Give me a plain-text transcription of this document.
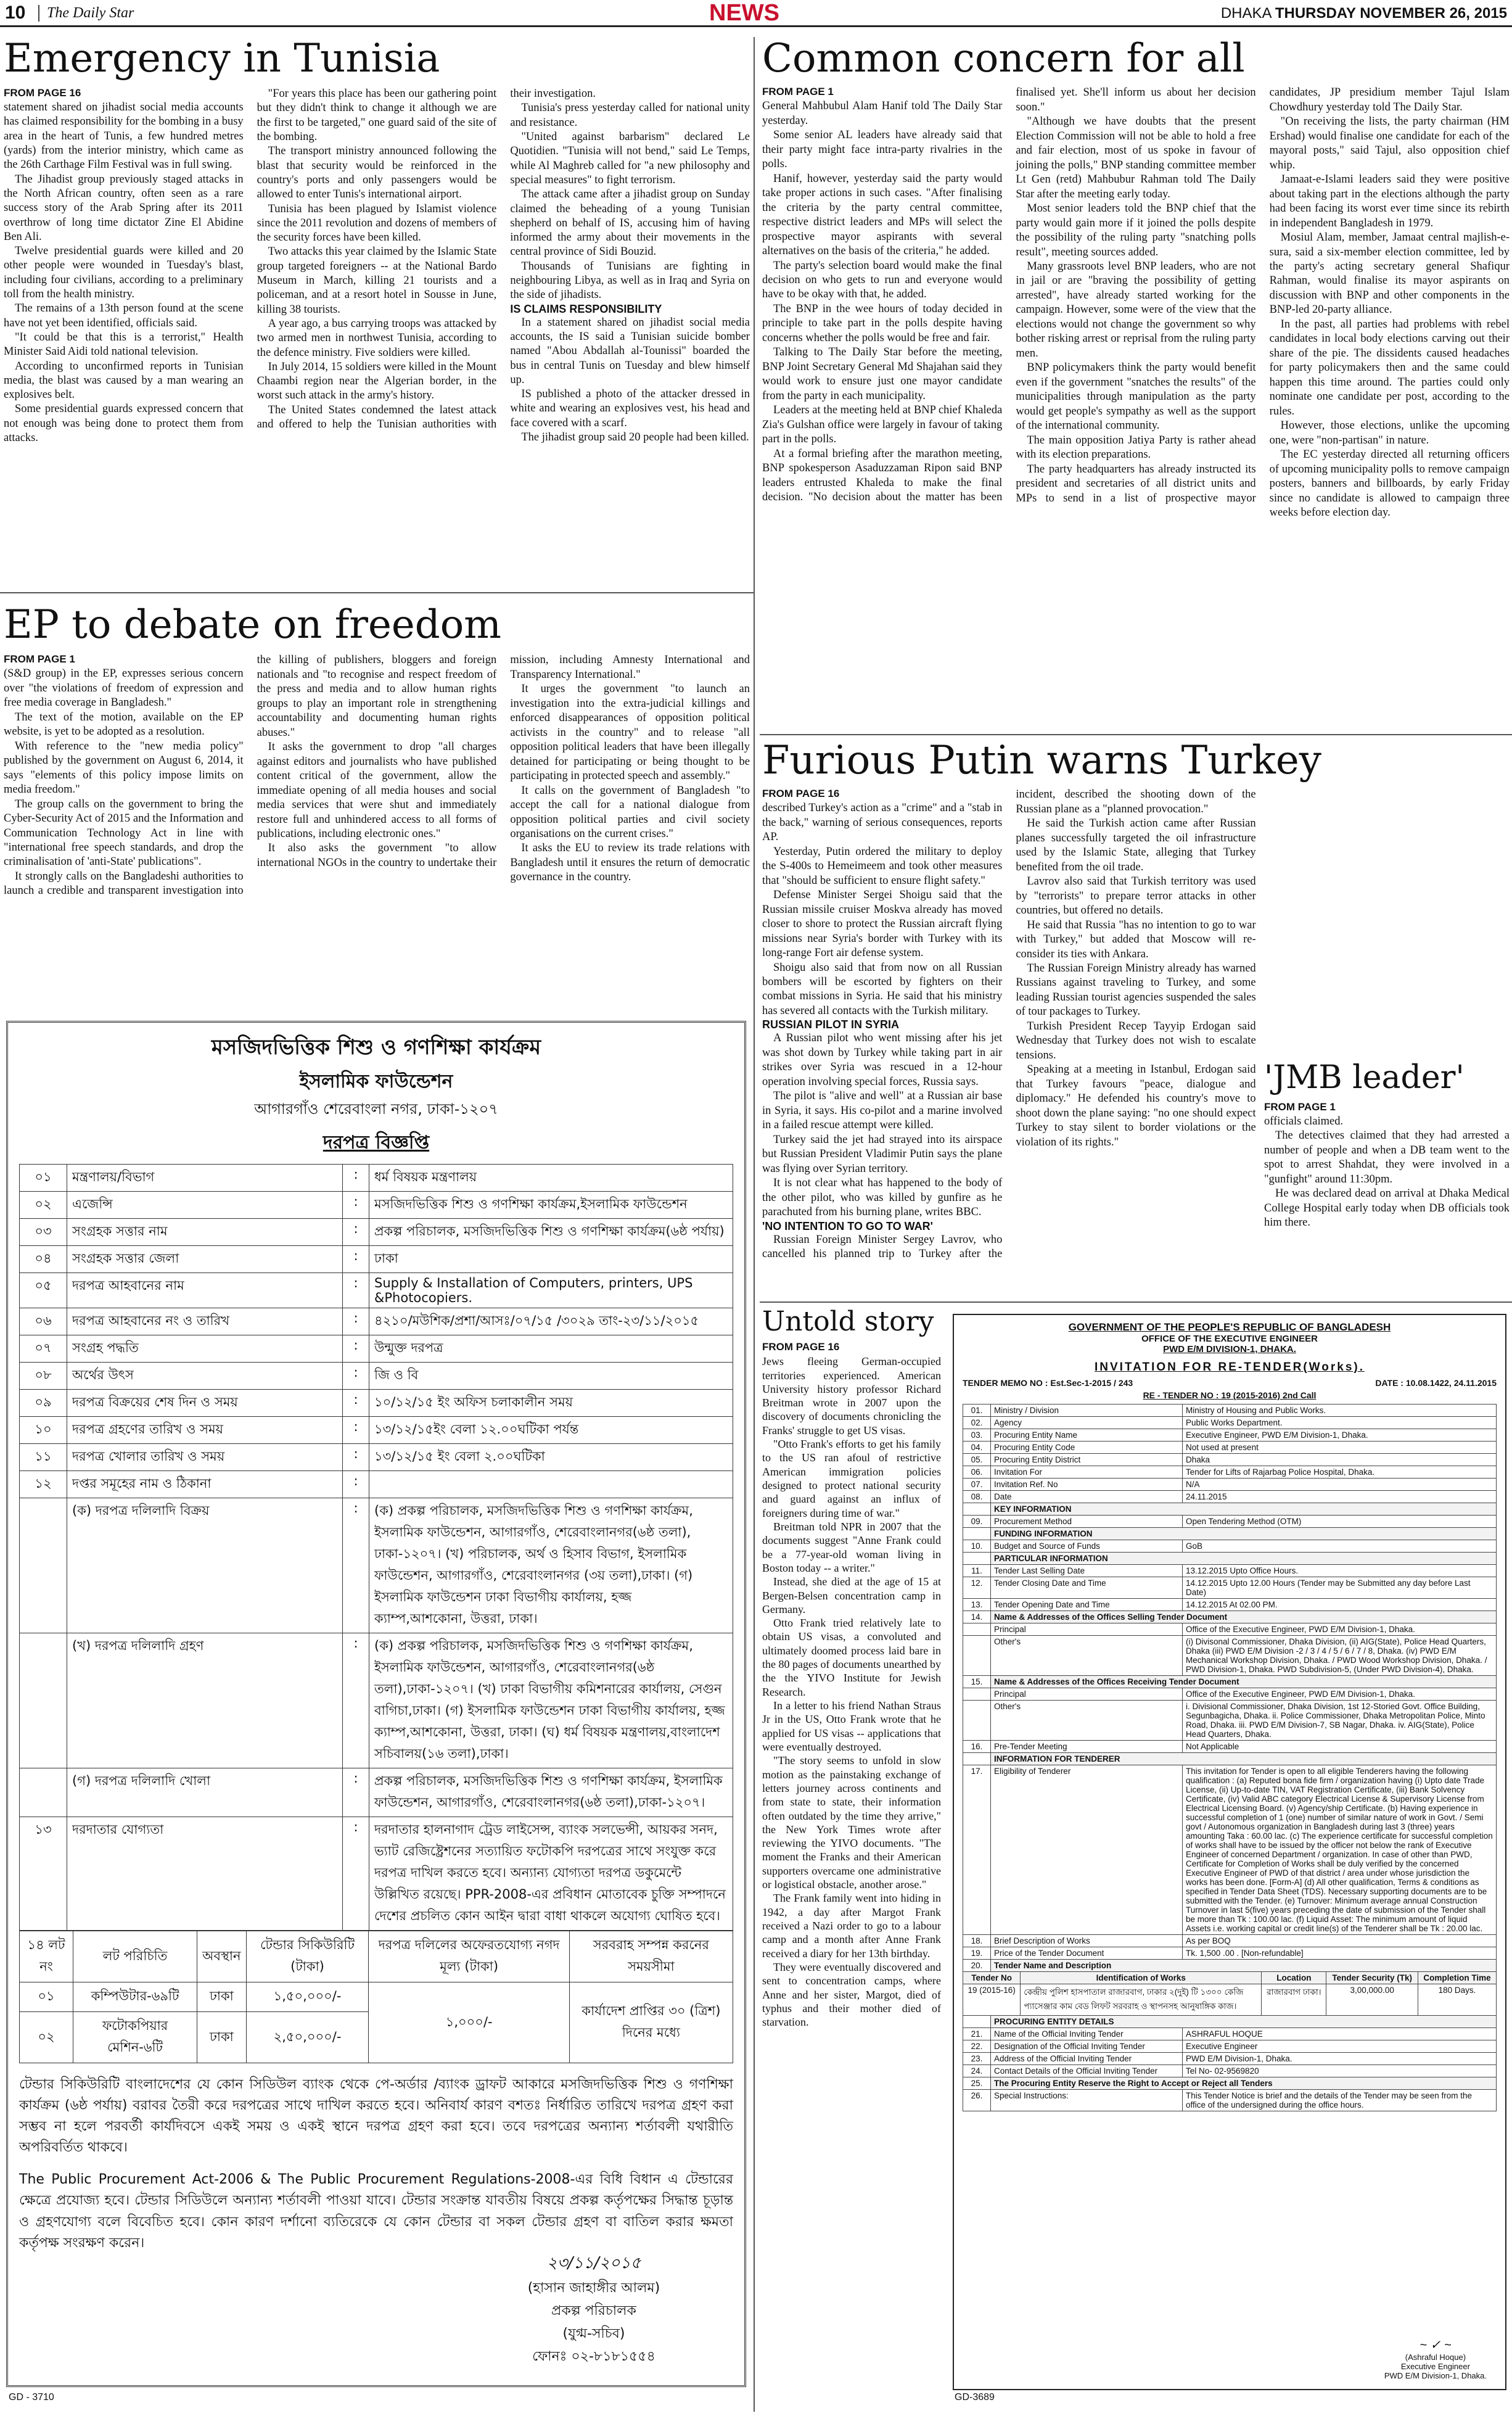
10	The Daily Star	NEWS	DHAKA THURSDAY NOVEMBER 26, 2015
Emergency in Tunisia
FROM PAGE 16

statement shared on jihadist social media accounts has claimed responsibility for the bombing in a busy area in the heart of Tunis, a few hundred metres (yards) from the interior ministry, which came as the 26th Carthage Film Festival was in full swing.

The Jihadist group previously staged attacks in the North African country, often seen as a rare success story of the Arab Spring after its 2011 overthrow of long time dictator Zine El Abidine Ben Ali.

Twelve presidential guards were killed and 20 other people were wounded in Tuesday's blast, including four civilians, according to a preliminary toll from the health ministry.

The remains of a 13th person found at the scene have not yet been identified, officials said.

"It could be that this is a terrorist," Health Minister Said Aidi told national television.

According to unconfirmed reports in Tunisian media, the blast was caused by a man wearing an explosives belt.

Some presidential guards expressed concern that not enough was being done to protect them from attacks.

"For years this place has been our gathering point but they didn't think to change it although we are the first to be targeted," one guard said of the site of the bombing.

The transport ministry announced following the blast that security would be reinforced in the country's ports and only passengers would be allowed to enter Tunis's international airport.

Tunisia has been plagued by Islamist violence since the 2011 revolution and dozens of members of the security forces have been killed.

Two attacks this year claimed by the Islamic State group targeted foreigners -- at the National Bardo Museum in March, killing 21 tourists and a policeman, and at a resort hotel in Sousse in June, killing 38 tourists.

A year ago, a bus carrying troops was attacked by two armed men in northwest Tunisia, according to the defence ministry. Five soldiers were killed.

In July 2014, 15 soldiers were killed in the Mount Chaambi region near the Algerian border, in the worst such attack in the army's history.

The United States condemned the latest attack and offered to help the Tunisian authorities with their investigation.

Tunisia's press yesterday called for national unity and resistance.

"United against barbarism" declared Le Quotidien. "Tunisia will not bend," said Le Temps, while Al Maghreb called for "a new philosophy and special measures" to fight terrorism.

The attack came after a jihadist group on Sunday claimed the beheading of a young Tunisian shepherd on behalf of IS, accusing him of having informed the army about their movements in the central province of Sidi Bouzid.

Thousands of Tunisians are fighting in neighbouring Libya, as well as in Iraq and Syria on the side of jihadists.

IS CLAIMS RESPONSIBILITY

In a statement shared on jihadist social media accounts, the IS said a Tunisian suicide bomber named "Abou Abdallah al-Tounissi" boarded the bus in central Tunis on Tuesday and blew himself up.

IS published a photo of the attacker dressed in white and wearing an explosives vest, his head and face covered with a scarf.

The jihadist group said 20 people had been killed.

EP to debate on freedom
FROM PAGE 1

(S&D group) in the EP, expresses serious concern over "the violations of freedom of expression and free media coverage in Bangladesh."

The text of the motion, available on the EP website, is yet to be adopted as a resolution.

With reference to the "new media policy" published by the government on August 6, 2014, it says "elements of this policy impose limits on media freedom."

The group calls on the government to bring the Cyber-Security Act of 2015 and the Information and Communication Technology Act in line with "international free speech standards, and drop the criminalisation of 'anti-State' publications".

It strongly calls on the Bangladeshi authorities to launch a credible and transparent investigation into the killing of publishers, bloggers and foreign nationals and "to recognise and respect freedom of the press and media and to allow human rights groups to play an important role in strengthening accountability and documenting human rights abuses."

It asks the government to drop "all charges against editors and journalists who have published content critical of the government, allow the immediate opening of all media houses and social media services that were shut and immediately restore full and unhindered access to all forms of publications, including electronic ones."

It also asks the government "to allow international NGOs in the country to undertake their mission, including Amnesty International and Transparency International."

It urges the government "to launch an investigation into the extra-judicial killings and enforced disappearances of opposition political activists in the country" and to release "all opposition political leaders that have been illegally detained for participating or being thought to be participating in protected speech and assembly."

It calls on the government of Bangladesh "to accept the call for a national dialogue from opposition political parties and civil society organisations on the current crises."

It asks the EU to review its trade relations with Bangladesh until it ensures the return of democratic governance in the country.

মসজিদভিত্তিক শিশু ও গণশিক্ষা কার্যক্রম
ইসলামিক ফাউন্ডেশন
আগারগাঁও শেরেবাংলা নগর, ঢাকা-১২০৭
দরপত্র বিজ্ঞপ্তি
০১	মন্ত্রণালয়/বিভাগ	:	ধর্ম বিষয়ক মন্ত্রণালয়
০২	এজেন্সি	:	মসজিদভিত্তিক শিশু ও গণশিক্ষা কার্যক্রম,ইসলামিক ফাউন্ডেশন
০৩	সংগ্রহক সত্তার নাম	:	প্রকল্প পরিচালক, মসজিদভিত্তিক শিশু ও গণশিক্ষা কার্যক্রম(৬ষ্ঠ পর্যায়)
০৪	সংগ্রহক সত্তার জেলা	:	ঢাকা
০৫	দরপত্র আহবানের নাম	:	Supply & Installation of Computers, printers, UPS &Photocopiers.
০৬	দরপত্র আহবানের নং ও তারিখ	:	৪২১০/মউশিক/প্রশা/আসঃ/০৭/১৫ /৩০২৯ তাং-২৩/১১/২০১৫
০৭	সংগ্রহ পদ্ধতি	:	উন্মুক্ত দরপত্র
০৮	অর্থের উৎস	:	জি ও বি
০৯	দরপত্র বিক্রয়ের শেষ দিন ও সময়	:	১০/১২/১৫ ইং অফিস চলাকালীন সময়
১০	দরপত্র গ্রহণের তারিখ ও সময়	:	১৩/১২/১৫ইং বেলা ১২.০০ঘটিকা পর্যন্ত
১১	দরপত্র খোলার তারিখ ও সময়	:	১৩/১২/১৫ ইং বেলা ২.০০ঘটিকা
১২	দপ্তর সমূহের নাম ও ঠিকানা	:	
	(ক) দরপত্র দলিলাদি বিক্রয়	:	(ক) প্রকল্প পরিচালক, মসজিদভিত্তিক শিশু ও গণশিক্ষা কার্যক্রম, ইসলামিক ফাউন্ডেশন, আগারগাঁও, শেরেবাংলানগর(৬ষ্ঠ তলা), ঢাকা-১২০৭। (খ) পরিচালক, অর্থ ও হিসাব বিভাগ, ইসলামিক ফাউন্ডেশন, আগারগাঁও, শেরেবাংলানগর (৩য় তলা),ঢাকা। (গ) ইসলামিক ফাউন্ডেশন ঢাকা বিভাগীয় কার্যালয়, হজ্জ ক্যাম্প,আশকোনা, উত্তরা, ঢাকা।
	(খ) দরপত্র দলিলাদি গ্রহণ	:	(ক) প্রকল্প পরিচালক, মসজিদভিত্তিক শিশু ও গণশিক্ষা কার্যক্রম, ইসলামিক ফাউন্ডেশন, আগারগাঁও, শেরেবাংলানগর(৬ষ্ঠ তলা),ঢাকা-১২০৭। (খ) ঢাকা বিভাগীয় কমিশনারের কার্যালয়, সেগুন বাগিচা,ঢাকা। (গ) ইসলামিক ফাউন্ডেশন ঢাকা বিভাগীয় কার্যালয়, হজ্জ ক্যাম্প,আশকোনা, উত্তরা, ঢাকা। (ঘ) ধর্ম বিষয়ক মন্ত্রণালয়,বাংলাদেশ সচিবালয়(১৬ তলা),ঢাকা।
	(গ) দরপত্র দলিলাদি খোলা	:	প্রকল্প পরিচালক, মসজিদভিত্তিক শিশু ও গণশিক্ষা কার্যক্রম, ইসলামিক ফাউন্ডেশন, আগারগাঁও, শেরেবাংলানগর(৬ষ্ঠ তলা),ঢাকা-১২০৭।
১৩	দরদাতার যোগ্যতা	:	দরদাতার হালনাগাদ ট্রেড লাইসেন্স, ব্যাংক সলভেন্সী, আয়কর সনদ, ভ্যাট রেজিষ্ট্রেশনের সত্যায়িত ফটোকপি দরপত্রের সাথে সংযুক্ত করে দরপত্র দাখিল করতে হবে। অন্যান্য যোগ্যতা দরপত্র ডকুমেন্টে উল্লিখিত রয়েছে। PPR-2008-এর প্রবিধান মোতাবেক চুক্তি সম্পাদনে দেশের প্রচলিত কোন আইন দ্বারা বাধা থাকলে অযোগ্য ঘোষিত হবে।
১৪ লট নং	লট পরিচিতি	অবস্থান	টেন্ডার সিকিউরিটি (টাকা)	দরপত্র দলিলের অফেরতযোগ্য নগদ মূল্য (টাকা)	সরবরাহ সম্পন্ন করনের সময়সীমা
০১	কম্পিউটার-৬৯টি	ঢাকা	১,৫০,০০০/-	১,০০০/-	কার্যাদেশ প্রাপ্তির ৩০ (ত্রিশ) দিনের মধ্যে
০২	ফটোকপিয়ার মেশিন-৬টি	ঢাকা	২,৫০,০০০/-		
টেন্ডার সিকিউরিটি বাংলাদেশের যে কোন সিডিউল ব্যাংক থেকে পে-অর্ডার /ব্যাংক ড্রাফট আকারে মসজিদভিত্তিক শিশু ও গণশিক্ষা কার্যক্রম (৬ষ্ঠ পর্যায়) বরাবর তৈরী করে দরপত্রের সাথে দাখিল করতে হবে। অনিবার্য কারণ বশতঃ নির্ধারিত তারিখে দরপত্র গ্রহণ করা সম্ভব না হলে পরবর্তী কার্যদিবসে একই সময় ও একই স্থানে দরপত্র গ্রহণ করা হবে। তবে দরপত্রের অন্যান্য শর্তাবলী যথারীতি অপরিবর্তিত থাকবে।
The Public Procurement Act-2006 & The Public Procurement Regulations-2008-এর বিধি বিধান এ টেন্ডারের ক্ষেত্রে প্রযোজ্য হবে। টেন্ডার সিডিউলে অন্যান্য শর্তাবলী পাওয়া যাবে। টেন্ডার সংক্রান্ত যাবতীয় বিষয়ে প্রকল্প কর্তৃপক্ষের সিদ্ধান্ত চূড়ান্ত ও গ্রহণযোগ্য বলে বিবেচিত হবে। কোন কারণ দর্শানো ব্যতিরেকে যে কোন টেন্ডার বা সকল টেন্ডার গ্রহণ বা বাতিল করার ক্ষমতা কর্তৃপক্ষ সংরক্ষণ করেন।
২৩/১১/২০১৫
(হাসান জাহাঙ্গীর আলম)
প্রকল্প পরিচালক
(যুগ্ম-সচিব)
ফোনঃ ০২-৮১৮১৫৫৪
GD - 3710
Common concern for all
FROM PAGE 1

General Mahbubul Alam Hanif told The Daily Star yesterday.

Some senior AL leaders have already said that their party might face intra-party rivalries in the polls.

Hanif, however, yesterday said the party would take proper actions in such cases. "After finalising the criteria by the party central committee, respective district leaders and MPs will select the prospective mayor aspirants with several alternatives on the basis of the criteria," he added.

The party's selection board would make the final decision on who gets to run and everyone would have to be okay with that, he added.

The BNP in the wee hours of today decided in principle to take part in the polls despite having concerns whether the polls would be free and fair.

Talking to The Daily Star before the meeting, BNP Joint Secretary General Md Shajahan said they would work to ensure just one mayor candidate from the party in each municipality.

Leaders at the meeting held at BNP chief Khaleda Zia's Gulshan office were largely in favour of taking part in the polls.

At a formal briefing after the marathon meeting, BNP spokesperson Asaduzzaman Ripon said BNP leaders entrusted Khaleda to make the final decision. "No decision about the matter has been finalised yet. She'll inform us about her decision soon."

"Although we have doubts that the present Election Commission will not be able to hold a free and fair election, most of us spoke in favour of joining the polls," BNP standing committee member Lt Gen (retd) Mahbubur Rahman told The Daily Star after the meeting early today.

Most senior leaders told the BNP chief that the party would gain more if it joined the polls despite the possibility of the ruling party "snatching polls result", meeting sources added.

Many grassroots level BNP leaders, who are not in jail or are "braving the possibility of getting arrested", have already started working for the campaign. However, some were of the view that the elections would not change the government so why bother risking arrest or reprisal from the ruling party men.

BNP policymakers think the party would benefit even if the government "snatches the results" of the municipalities through manipulation as the party would get people's sympathy as well as the support of the international community.

The main opposition Jatiya Party is rather ahead with its election preparations.

The party headquarters has already instructed its president and secretaries of all district units and MPs to send in a list of prospective mayor candidates, JP presidium member Tajul Islam Chowdhury yesterday told The Daily Star.

"On receiving the lists, the party chairman (HM Ershad) would finalise one candidate for each of the mayoral posts," said Tajul, also opposition chief whip.

Jamaat-e-Islami leaders said they were positive about taking part in the elections although the party had been facing its worst ever time since its rebirth in independent Bangladesh in 1979.

Mosiul Alam, member, Jamaat central majlish-e-sura, said a six-member election committee, led by the party's acting secretary general Shafiqur Rahman, would finalise its mayor aspirants on discussion with BNP and other components in the BNP-led 20-party alliance.

In the past, all parties had problems with rebel candidates in local body elections carving out their share of the pie. The dissidents caused headaches for party policymakers then and the same could happen this time around. The parties could only nominate one candidate per post, according to the rules.

However, those elections, unlike the upcoming one, were "non-partisan" in nature.

The EC yesterday directed all returning officers of upcoming municipality polls to remove campaign posters, banners and billboards, by early Friday since no candidate is allowed to campaign three weeks before election day.

Furious Putin warns Turkey
FROM PAGE 16

described Turkey's action as a "crime" and a "stab in the back," warning of serious consequences, reports AP.

Yesterday, Putin ordered the military to deploy the S-400s to Hemeimeem and took other measures that "should be sufficient to ensure flight safety."

Defense Minister Sergei Shoigu said that the Russian missile cruiser Moskva already has moved closer to shore to protect the Russian aircraft flying missions near Syria's border with Turkey with its long-range Fort air defense system.

Shoigu also said that from now on all Russian bombers will be escorted by fighters on their combat missions in Syria. He said that his ministry has severed all contacts with the Turkish military.

RUSSIAN PILOT IN SYRIA

A Russian pilot who went missing after his jet was shot down by Turkey while taking part in air strikes over Syria was rescued in a 12-hour operation involving special forces, Russia says.

The pilot is "alive and well" at a Russian air base in Syria, it says. His co-pilot and a marine involved in a failed rescue attempt were killed.

Turkey said the jet had strayed into its airspace but Russian President Vladimir Putin says the plane was flying over Syrian territory.

It is not clear what has happened to the body of the other pilot, who was killed by gunfire as he parachuted from his burning plane, writes BBC.

'NO INTENTION TO GO TO WAR'

Russian Foreign Minister Sergey Lavrov, who cancelled his planned trip to Turkey after the incident, described the shooting down of the Russian plane as a "planned provocation."

He said the Turkish action came after Russian planes successfully targeted the oil infrastructure used by the Islamic State, alleging that Turkey benefited from the oil trade.

Lavrov also said that Turkish territory was used by "terrorists" to prepare terror attacks in other countries, but offered no details.

He said that Russia "has no intention to go to war with Turkey," but added that Moscow will re-consider its ties with Ankara.

The Russian Foreign Ministry already has warned Russians against traveling to Turkey, and some leading Russian tourist agencies suspended the sales of tour packages to Turkey.

Turkish President Recep Tayyip Erdogan said Wednesday that Turkey does not wish to escalate tensions.

Speaking at a meeting in Istanbul, Erdogan said that Turkey favours "peace, dialogue and diplomacy." He defended his country's move to shoot down the plane saying: "no one should expect Turkey to stay silent to border violations or the violation of its rights."

'JMB leader'
FROM PAGE 1

officials claimed.

The detectives claimed that they had arrested a number of people and when a DB team went to the spot to arrest Shahdat, they were involved in a "gunfight" around 11:30pm.

He was declared dead on arrival at Dhaka Medical College Hospital early today when DB officials took him there.

Untold story
FROM PAGE 16

Jews fleeing German-occupied territories experienced. American University history professor Richard Breitman wrote in 2007 upon the discovery of documents chronicling the Franks' struggle to get US visas.

"Otto Frank's efforts to get his family to the US ran afoul of restrictive American immigration policies designed to protect national security and guard against an influx of foreigners during time of war."

Breitman told NPR in 2007 that the documents suggest "Anne Frank could be a 77-year-old woman living in Boston today -- a writer."

Instead, she died at the age of 15 at Bergen-Belsen concentration camp in Germany.

Otto Frank tried relatively late to obtain US visas, a convoluted and ultimately doomed process laid bare in the 80 pages of documents unearthed by the the YIVO Institute for Jewish Research.

In a letter to his friend Nathan Straus Jr in the US, Otto Frank wrote that he applied for US visas -- applications that were eventually destroyed.

"The story seems to unfold in slow motion as the painstaking exchange of letters journey across continents and from state to state, their information often outdated by the time they arrive," the New York Times wrote after reviewing the YIVO documents. "The moment the Franks and their American supporters overcame one administrative or logistical obstacle, another arose."

The Frank family went into hiding in 1942, a day after Margot Frank received a Nazi order to go to a labour camp and a month after Anne Frank received a diary for her 13th birthday.

They were eventually discovered and sent to concentration camps, where Anne and her sister, Margot, died of typhus and their mother died of starvation.

GOVERNMENT OF THE PEOPLE'S REPUBLIC OF BANGLADESH
OFFICE OF THE EXECUTIVE ENGINEER
PWD E/M DIVISION-1, DHAKA.
INVITATION FOR RE-TENDER(Works).
TENDER MEMO NO : Est.Sec-1-2015 / 243	DATE : 10.08.1422, 24.11.2015
RE - TENDER NO : 19 (2015-2016) 2nd Call
01.	Ministry / Division	Ministry of Housing and Public Works.
02.	Agency	Public Works Department.
03.	Procuring Entity Name	Executive Engineer, PWD E/M Division-1, Dhaka.
04.	Procuring Entity Code	Not used at present
05.	Procuring Entity District	Dhaka
06.	Invitation For	Tender for Lifts of Rajarbag Police Hospital, Dhaka.
07.	Invitation Ref. No	N/A
08.	Date	24.11.2015
	KEY INFORMATION	
09.	Procurement Method	Open Tendering Method (OTM)
	FUNDING INFORMATION	
10.	Budget and Source of Funds	GoB
	PARTICULAR INFORMATION	
11.	Tender Last Selling Date	13.12.2015 Upto Office Hours.
12.	Tender Closing Date and Time	14.12.2015 Upto 12.00 Hours (Tender may be Submitted any day before Last Date)
13.	Tender Opening Date and Time	14.12.2015 At 02.00 PM.
14.	Name & Addresses of the Offices Selling Tender Document	
	Principal	Office of the Executive Engineer, PWD E/M Division-1, Dhaka.
	Other's	(i) Divisonal Commissioner, Dhaka Division, (ii) AIG(State), Police Head Quarters, Dhaka (iii) PWD E/M Division -2 / 3 / 4 / 5 / 6 / 7 / 8, Dhaka. (iv) PWD E/M Mechanical Workshop Division, Dhaka. / PWD Wood Workshop Division, Dhaka. / PWD Division-1, Dhaka. PWD Subdivision-5, (Under PWD Division-4), Dhaka.
15.	Name & Addresses of the Offices Receiving Tender Document	
	Principal	Office of the Executive Engineer, PWD E/M Division-1, Dhaka.
	Other's	i. Divisional Commissioner, Dhaka Division, 1st 12-Storied Govt. Office Building, Segunbagicha, Dhaka. ii. Police Commissioner, Dhaka Metropolitan Police, Minto Road, Dhaka. iii. PWD E/M Division-7, SB Nagar, Dhaka. iv. AIG(State), Police Head Quarters, Dhaka.
16.	Pre-Tender Meeting	Not Applicable
	INFORMATION FOR TENDERER	
17.	Eligibility of Tenderer	This invitation for Tender is open to all eligible Tenderers having the following qualification : (a) Reputed bona fide firm / organization having (i) Upto date Trade License, (ii) Up-to-date TIN, VAT Registration Certificate, (iii) Bank Solvency Certificate, (iv) Valid ABC category Electrical License & Supervisory License from Electrical Licensing Board. (v) Agency/ship Certificate. (b) Having experience in successful completion of 1 (one) number of similar nature of work in Govt. / Semi govt / Autonomous organization in Bangladesh during last 3 (three) years amounting Taka : 60.00 lac. (c) The experience certificate for successful completion of works shall have to be issued by the officer not below the rank of Executive Engineer of concerned Department / organization. In case of other than PWD, Certificate for Completion of Works shall be duly verified by the concerned Executive Engineer of PWD of that district / area under whose jurisdiction the works has been done. [Form-A] (d) All other qualification, Terms & conditions as specified in Tender Data Sheet (TDS). Necessary supporting documents are to be submitted with the Tender. (e) Turnover: Minimum average annual Construction Turnover in last 5(five) years preceding the date of submission of the Tender shall be more than Tk : 100.00 lac. (f) Liquid Asset: The minimum amount of liquid Assets i.e. working capital or credit line(s) of the Tenderer shall be Tk : 20.00 lac.
18.	Brief Description of Works	As per BOQ
19.	Price of the Tender Document	Tk. 1,500 .00 . [Non-refundable]
20.	Tender Name and Description	
Tender No	Identification of Works	Location	Tender Security (Tk)	Completion Time
19 (2015-16)	কেন্দ্রীয় পুলিশ হাসপাতাল রাজারবাগ, ঢাকার ২(দুই) টি ১৩০০ কেজি প্যাসেঞ্জার কাম বেড লিফট সরবরাহ ও স্থাপনসহ আনুষাঙ্গিক কাজ।	রাজারবাগ ঢাকা।	3,00,000.00	180 Days.
	PROCURING ENTITY DETAILS	
21.	Name of the Official Inviting Tender	ASHRAFUL HOQUE
22.	Designation of the Official Inviting Tender	Executive Engineer
23.	Address of the Official Inviting Tender	PWD E/M Division-1, Dhaka.
24.	Contact Details of the Official Inviting Tender	Tel No- 02-9569820
25.	The Procuring Entity Reserve the Right to Accept or Reject all Tenders	
26.	Special Instructions:	This Tender Notice is brief and the details of the Tender may be seen from the office of the undersigned during the office hours.
~ ✓ ~
(Ashraful Hoque)
Executive Engineer
PWD E/M Division-1, Dhaka.
GD-3689
